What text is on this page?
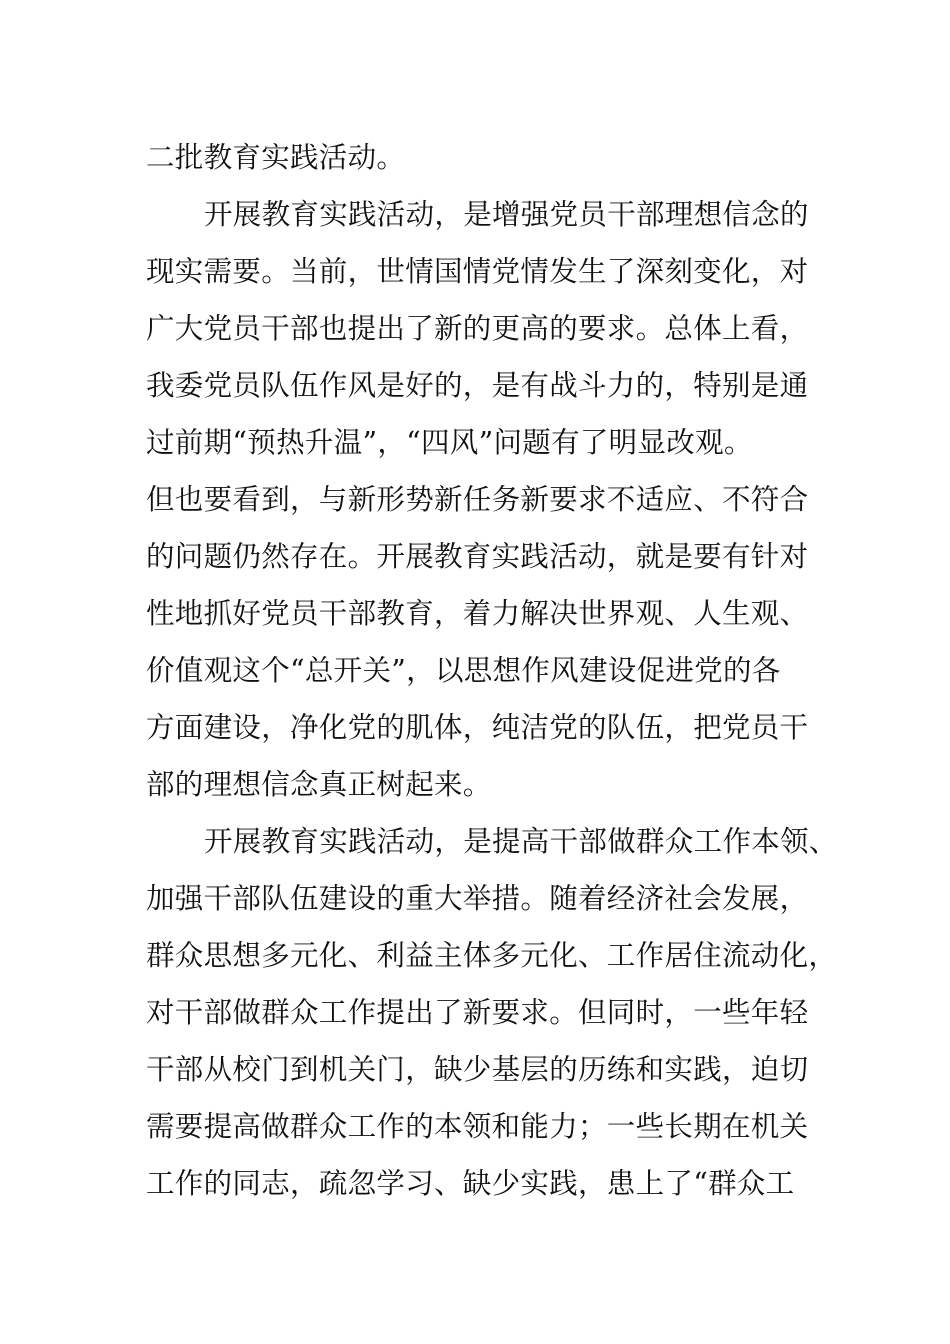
二批教育实践活动。
开展教育实践活动，是增强党员干部理想信念的
现实需要。当前，世情国情党情发生了深刻变化，对
广大党员干部也提出了新的更高的要求。总体上看，
我委党员队伍作风是好的，是有战斗力的，特别是通
过前期“预热升温”，“四风”问题有了明显改观。
但也要看到，与新形势新任务新要求不适应、不符合
的问题仍然存在。开展教育实践活动，就是要有针对
性地抓好党员干部教育，着力解决世界观、人生观、
价值观这个“总开关”，以思想作风建设促进党的各
方面建设，净化党的肌体，纯洁党的队伍，把党员干
部的理想信念真正树起来。
开展教育实践活动，是提高干部做群众工作本领、
加强干部队伍建设的重大举措。随着经济社会发展，
群众思想多元化、利益主体多元化、工作居住流动化，
对干部做群众工作提出了新要求。但同时，一些年轻
干部从校门到机关门，缺少基层的历练和实践，迫切
需要提高做群众工作的本领和能力；一些长期在机关
工作的同志，疏忽学习、缺少实践，患上了“群众工
